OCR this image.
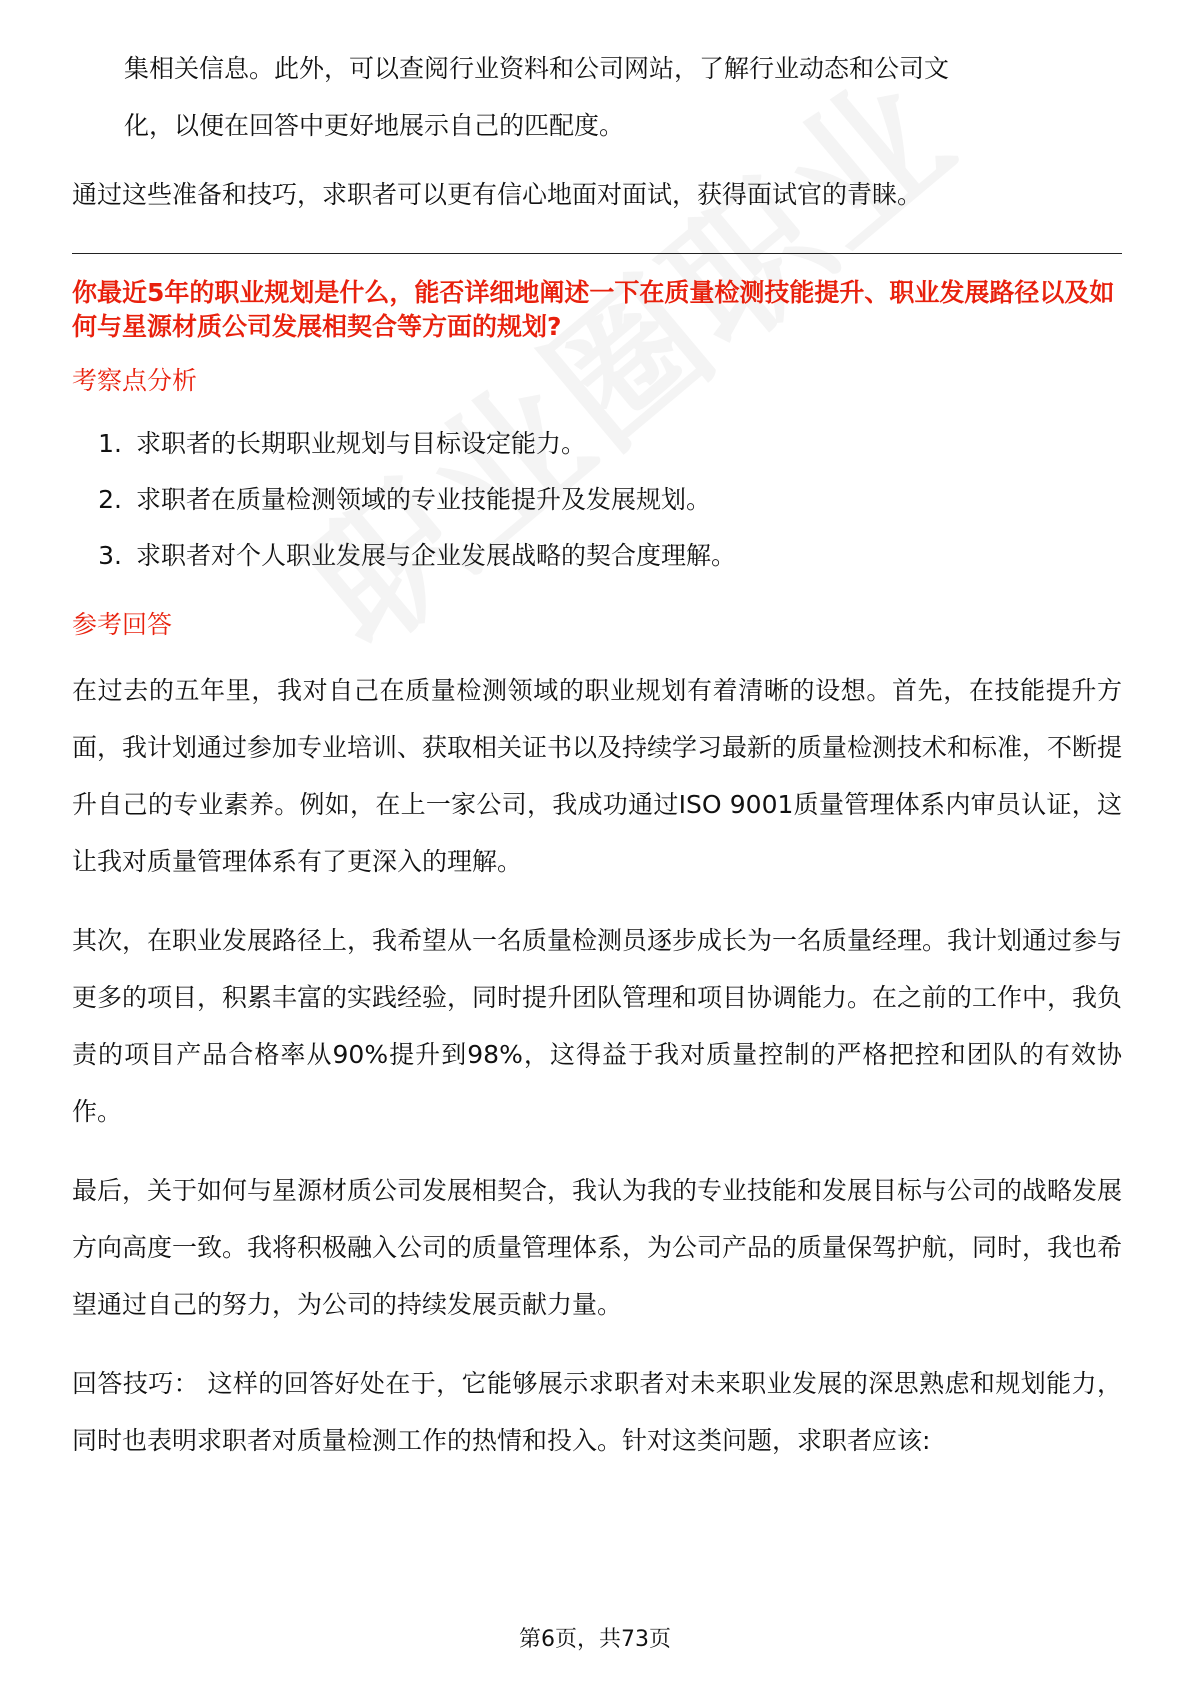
集相关信息。此外，可以查阅行业资料和公司网站，了解行业动态和公司文

化，以便在回答中更好地展示自己的匹配度。

通过这些准备和技巧，求职者可以更有信心地面对面试，获得面试官的青睐。

你最近5年的职业规划是什么，能否详细地阐述一下在质量检测技能提升、职业发展路径以及如何与星源材质公司发展相契合等方面的规划?

考察点分析
1. 求职者的长期职业规划与目标设定能力。
2. 求职者在质量检测领域的专业技能提升及发展规划。
3. 求职者对个人职业发展与企业发展战略的契合度理解。
参考回答

在过去的五年里，我对自己在质量检测领域的职业规划有着清晰的设想。首先，在技能提升方面，我计划通过参加专业培训、获取相关证书以及持续学习最新的质量检测技术和标准，不断提升自己的专业素养。例如，在上一家公司，我成功通过ISO 9001质量管理体系内审员认证，这让我对质量管理体系有了更深入的理解。

其次，在职业发展路径上，我希望从一名质量检测员逐步成长为一名质量经理。我计划通过参与更多的项目，积累丰富的实践经验，同时提升团队管理和项目协调能力。在之前的工作中，我负责的项目产品合格率从90%提升到98%，这得益于我对质量控制的严格把控和团队的有效协作。

最后，关于如何与星源材质公司发展相契合，我认为我的专业技能和发展目标与公司的战略发展方向高度一致。我将积极融入公司的质量管理体系，为公司产品的质量保驾护航，同时，我也希望通过自己的努力，为公司的持续发展贡献力量。

回答技巧： 这样的回答好处在于，它能够展示求职者对未来职业发展的深思熟虑和规划能力，同时也表明求职者对质量检测工作的热情和投入。针对这类问题，求职者应该:

第6页，共73页
